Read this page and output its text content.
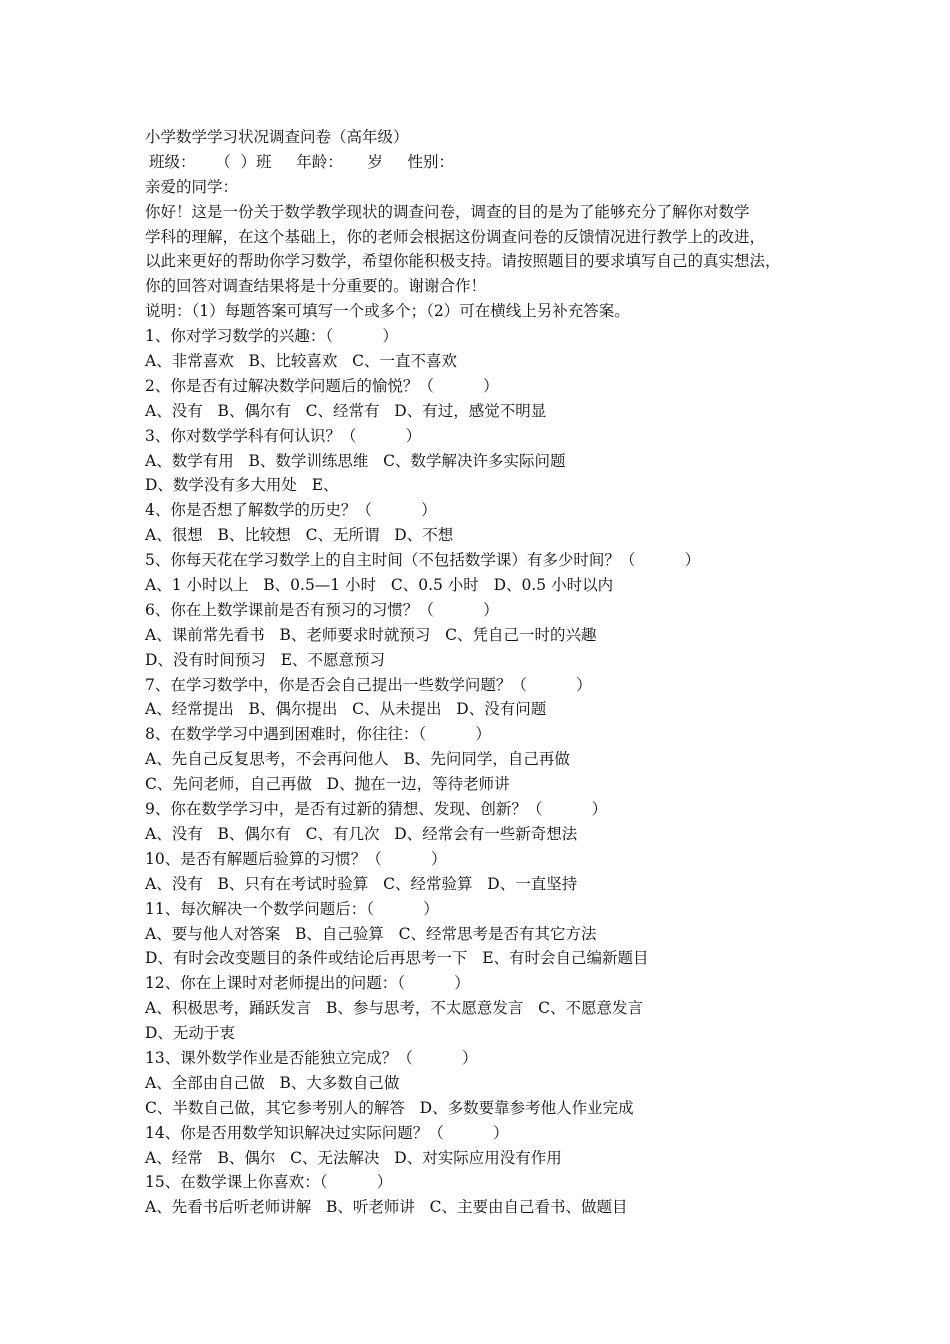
小学数学学习状况调查问卷（高年级）
班级：    （  ）班     年龄：     岁     性别：
亲爱的同学：
你好！这是一份关于数学教学现状的调查问卷，调查的目的是为了能够充分了解你对数学
学科的理解，在这个基础上，你的老师会根据这份调查问卷的反馈情况进行教学上的改进，
以此来更好的帮助你学习数学，希望你能积极支持。请按照题目的要求填写自己的真实想法，
你的回答对调查结果将是十分重要的。谢谢合作！
说明：（1）每题答案可填写一个或多个；（2）可在横线上另补充答案。
1、你对学习数学的兴趣：（          ）
A、非常喜欢   B、比较喜欢   C、一直不喜欢
2、你是否有过解决数学问题后的愉悦？（          ）
A、没有   B、偶尔有   C、经常有   D、有过，感觉不明显
3、你对数学学科有何认识？（          ）
A、数学有用   B、数学训练思维   C、数学解决许多实际问题
D、数学没有多大用处   E、
4、你是否想了解数学的历史？（          ）
A、很想   B、比较想   C、无所谓   D、不想
5、你每天花在学习数学上的自主时间（不包括数学课）有多少时间？（          ）
A、1 小时以上   B、0.5—1 小时   C、0.5 小时   D、0.5 小时以内
6、你在上数学课前是否有预习的习惯？（          ）
A、课前常先看书   B、老师要求时就预习   C、凭自己一时的兴趣
D、没有时间预习   E、不愿意预习
7、在学习数学中，你是否会自己提出一些数学问题？（          ）
A、经常提出   B、偶尔提出   C、从未提出   D、没有问题
8、在数学学习中遇到困难时，你往往：（          ）
A、先自己反复思考，不会再问他人   B、先问同学，自己再做
C、先问老师，自己再做   D、抛在一边，等待老师讲
9、你在数学学习中，是否有过新的猜想、发现、创新？（          ）
A、没有   B、偶尔有   C、有几次   D、经常会有一些新奇想法
10、是否有解题后验算的习惯？（          ）
A、没有   B、只有在考试时验算   C、经常验算   D、一直坚持
11、每次解决一个数学问题后：（          ）
A、要与他人对答案   B、自己验算   C、经常思考是否有其它方法
D、有时会改变题目的条件或结论后再思考一下   E、有时会自己编新题目
12、你在上课时对老师提出的问题：（          ）
A、积极思考，踊跃发言   B、参与思考，不太愿意发言   C、不愿意发言
D、无动于衷
13、课外数学作业是否能独立完成？（          ）
A、全部由自己做   B、大多数自己做
C、半数自己做，其它参考别人的解答   D、多数要靠参考他人作业完成
14、你是否用数学知识解决过实际问题？（          ）
A、经常   B、偶尔   C、无法解决   D、对实际应用没有作用
15、在数学课上你喜欢：（          ）
A、先看书后听老师讲解   B、听老师讲   C、主要由自己看书、做题目
